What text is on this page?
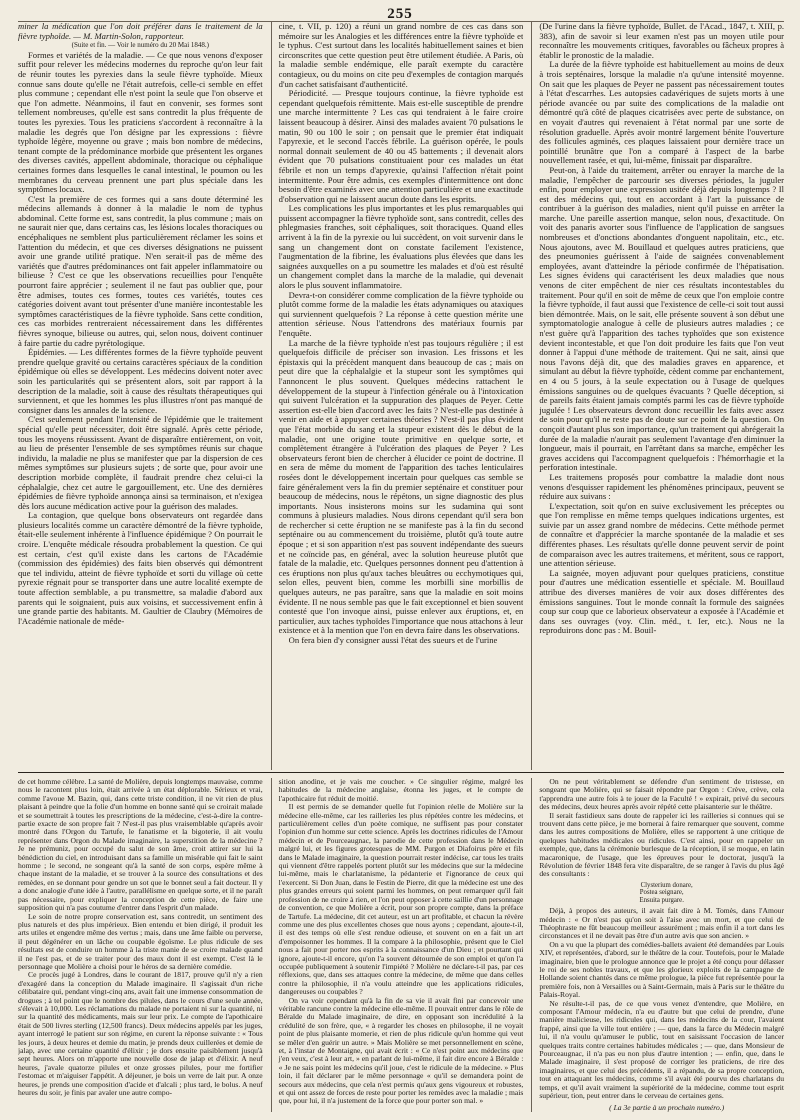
255

miner la médication que l'on doit préférer dans le traitement de la fièvre typhoïde. — M. Martin-Solon, rapporteur.

(Suite et fin. — Voir le numéro du 20 Mai 1848.)

Formes et variétés de la maladie. — Ce que nous venons d'exposer suffit pour relever les médecins modernes du reproche qu'on leur fait de réunir toutes les pyrexies dans la seule fièvre typhoïde. Mieux connue sans doute qu'elle ne l'était autrefois, celle-ci semble en effet plus commune ; cependant elle n'est point la seule que l'on observe et que l'on admette. Néanmoins, il faut en convenir, ses formes sont tellement nombreuses, qu'elle est sans contredit la plus fréquente de toutes les pyrexies. Tous les praticiens s'accordent à reconnaître à la maladie les degrés que l'on désigne par les expressions : fièvre typhoïde légère, moyenne ou grave ; mais bon nombre de médecins, tenant compte de la prédominance morbide que présentent les organes des diverses cavités, appellent abdominale, thoracique ou céphalique certaines formes dans lesquelles le canal intestinal, le poumon ou les membranes du cerveau prennent une part plus spéciale dans les symptômes locaux.

C'est la première de ces formes qui a sans doute déterminé les médecins allemands à donner à la maladie le nom de typhus abdominal. Cette forme est, sans contredit, la plus commune ; mais on ne saurait nier que, dans certains cas, les lésions locales thoraciques ou encéphaliques ne semblent plus particulièrement réclamer les soins et l'attention du médecin, et que ces diverses désignations ne puissent avoir une grande utilité pratique. N'en serait-il pas de même des variétés que d'autres prédominances ont fait appeler inflammatoire ou bilieuse ? C'est ce que les observations recueillies pour l'enquête pourront faire apprécier ; seulement il ne faut pas oublier que, pour être admises, toutes ces formes, toutes ces variétés, toutes ces catégories doivent avant tout présenter d'une manière incontestable les symptômes caractéristiques de la fièvre typhoïde. Sans cette condition, ces cas morbides rentreraient nécessairement dans les différentes fièvres synoque, bilieuse ou autres, qui, selon nous, doivent continuer à faire partie du cadre pyrétologique.

Épidémies. — Les différentes formes de la fièvre typhoïde peuvent prendre quelque gravité ou certains caractères spéciaux de la condition épidémique où elles se développent. Les médecins doivent noter avec soin les particularités qui se présentent alors, soit par rapport à la description de la maladie, soit à cause des résultats thérapeutiques qui surviennent, et que les hommes les plus illustres n'ont pas manqué de consigner dans les annales de la science.

C'est seulement pendant l'intensité de l'épidémie que le traitement spécial qu'elle peut nécessiter, doit être signalé. Après cette période, tous les moyens réussissent. Avant de disparaître entièrement, on voit, au lieu de présenter l'ensemble de ses symptômes réunis sur chaque individu, la maladie ne plus se manifester que par la dispersion de ces mêmes symptômes sur plusieurs sujets ; de sorte que, pour avoir une description morbide complète, il faudrait prendre chez celui-ci la céphalalgie, chez cet autre le gargouillement, etc. Une des dernières épidémies de fièvre typhoïde annonça ainsi sa terminaison, et n'exigea dès lors aucune médication active pour la guérison des malades.

La contagion, que quelque bons observateurs ont regardée dans plusieurs localités comme un caractère démontré de la fièvre typhoïde, était-elle seulement inhérente à l'influence épidémique ? On pourrait le croire. L'enquête médicale résoudra probablement la question. Ce qui est certain, c'est qu'il existe dans les cartons de l'Académie (commission des épidémies) des faits bien observés qui démontrent que tel individu, atteint de fièvre typhoïde et sorti du village où cette pyrexie régnait pour se transporter dans une autre localité exempte de toute affection semblable, a pu transmettre, sa maladie d'abord aux parents qui le soignaient, puis aux voisins, et successivement enfin à une grande partie des habitants. M. Gaultier de Claubry (Mémoires de l'Académie nationale de méde-

cine, t. VII, p. 120) a réuni un grand nombre de ces cas dans son mémoire sur les Analogies et les différences entre la fièvre typhoïde et le typhus. C'est surtout dans les localités habituellement saines et bien circonscrites que cette question peut être utilement étudiée. A Paris, où la maladie semble endémique, elle paraît exempte du caractère contagieux, ou du moins on cite peu d'exemples de contagion marqués d'un cachet satisfaisant d'authenticité.

Périodicité. — Presque toujours continue, la fièvre typhoïde est cependant quelquefois rémittente. Mais est-elle susceptible de prendre une marche intermittente ? Les cas qui tendraient à le faire croire laissent beaucoup à désirer. Ainsi des malades avaient 70 pulsations le matin, 90 ou 100 le soir ; on pensait que le premier état indiquait l'apyrexie, et le second l'accès fébrile. La guérison opérée, le pouls normal donnait seulement de 40 ou 45 battements ; il devenait alors évident que 70 pulsations constituaient pour ces malades un état fébrile et non un temps d'apyrexie, qu'ainsi l'affection n'était point intermittente. Pour être admis, ces exemples d'intermittence ont donc besoin d'être examinés avec une attention particulière et une exactitude d'observation qui ne laissent aucun doute dans les esprits.

Les complications les plus importantes et les plus remarquables qui puissent accompagner la fièvre typhoïde sont, sans contredit, celles des phlegmasies franches, soit céphaliques, soit thoraciques. Quand elles arrivent à la fin de la pyrexie ou lui succèdent, on voit survenir dans le sang un changement dont on constate facilement l'existence, l'augmentation de la fibrine, les évaluations plus élevées que dans les saignées auxquelles on a pu soumettre les malades et d'où est résulté un changement complet dans la marche de la maladie, qui devenait alors le plus souvent inflammatoire.

Devra-t-on considérer comme complication de la fièvre typhoïde ou plutôt comme forme de la maladie les états adynamiques ou ataxiques qui surviennent quelquefois ? La réponse à cette question mérite une attention sérieuse. Nous l'attendrons des matériaux fournis par l'enquête.

La marche de la fièvre typhoïde n'est pas toujours régulière ; il est quelquefois difficile de préciser son invasion. Les frissons et les épistaxis qui la précèdent manquent dans beaucoup de cas ; mais on peut dire que la céphalalgie et la stupeur sont les symptômes qui l'annoncent le plus souvent. Quelques médecins rattachent le développement de la stupeur à l'infection générale ou à l'intoxication qui suivent l'ulcération et la suppuration des plaques de Peyer. Cette assertion est-elle bien d'accord avec les faits ? N'est-elle pas destinée à venir en aide et à appuyer certaines théories ? N'est-il pas plus évident que l'état morbide du sang et la stupeur existent dès le début de la maladie, ont une origine toute primitive en quelque sorte, et complètement étrangère à l'ulcération des plaques de Peyer ? Les observateurs feront bien de chercher à élucider ce point de doctrine. Il en sera de même du moment de l'apparition des taches lenticulaires rosées dont le développement incertain pour quelques cas semble se faire généralement vers la fin du premier septénaire et constituer pour beaucoup de médecins, nous le répétons, un signe diagnostic des plus importants. Nous insisterons moins sur les sudamina qui sont communs à plusieurs maladies. Nous dirons cependant qu'il sera bon de rechercher si cette éruption ne se manifeste pas à la fin du second septénaire ou au commencement du troisième, plutôt qu'à toute autre époque ; et si son apparition n'est pas souvent indépendante des sueurs et ne coïncide pas, en général, avec la solution heureuse plutôt que fatale de la maladie, etc. Quelques personnes donnent peu d'attention à ces éruptions non plus qu'aux taches bleuâtres ou ecchymotiques qui, selon elles, peuvent bien, comme les morbilli sine morbillis de quelques auteurs, ne pas paraître, sans que la maladie en soit moins évidente. Il ne nous semble pas que le fait exceptionnel et bien souvent contesté que l'on invoque ainsi, puisse enlever aux éruptions, et, en particulier, aux taches typhoïdes l'importance que nous attachons à leur existence et à la mention que l'on en devra faire dans les observations.

On fera bien d'y consigner aussi l'état des sueurs et de l'urine

(De l'urine dans la fièvre typhoïde, Bullet. de l'Acad., 1847, t. XIII, p. 383), afin de savoir si leur examen n'est pas un moyen utile pour reconnaître les mouvements critiques, favorables ou fâcheux propres à établir le pronostic de la maladie.

La durée de la fièvre typhoïde est habituellement au moins de deux à trois septénaires, lorsque la maladie n'a qu'une intensité moyenne. On sait que les plaques de Peyer ne passent pas nécessairement toutes à l'état d'escarrhes. Les autopsies cadavériques de sujets morts à une période avancée ou par suite des complications de la maladie ont démontré qu'à côté de plaques cicatrisées avec perte de substance, on en voyait d'autres qui revenaient à l'état normal par une sorte de résolution graduelle. Après avoir montré largement bénite l'ouverture des follicules agminés, ces plaques laissaient pour dernière trace un pointillé brunâtre que l'on a comparé à l'aspect de la barbe nouvellement rasée, et qui, lui-même, finissait par disparaître.

Peut-on, à l'aide du traitement, arrêter ou enrayer la marche de la maladie, l'empêcher de parcourir ses diverses périodes, la juguler enfin, pour employer une expression usitée déjà depuis longtemps ? Il est des médecins qui, tout en accordant à l'art la puissance de contribuer à la guérison des maladies, nient qu'il puisse en arrêter la marche. Une pareille assertion manque, selon nous, d'exactitude. On voit des panaris avorter sous l'influence de l'application de sangsues nombreuses et d'onctions abondantes d'onguent napolitain, etc., etc. Nous ajoutons, avec M. Bouillaud et quelques autres praticiens, que des pneumonies guérissent à l'aide de saignées convenablement employées, avant d'atteindre la période confirmée de l'hépatisation. Les signes évidens qui caractérisent les deux maladies que nous venons de citer empêchent de nier ces résultats incontestables du traitement. Pour qu'il en soit de même de ceux que l'on emploie contre la fièvre typhoïde, il faut aussi que l'existence de celle-ci soit tout aussi bien démontrée. Mais, on le sait, elle présente souvent à son début une symptomatologie analogue à celle de plusieurs autres maladies ; ce n'est guère qu'à l'apparition des taches typhoïdes que son existence devient incontestable, et que l'on doit produire les faits que l'on veut donner à l'appui d'une méthode de traitement. Qui ne sait, ainsi que nous l'avons déjà dit, que des maladies graves en apparence, et simulant au début la fièvre typhoïde, cèdent comme par enchantement, en 4 ou 5 jours, à la seule expectation ou à l'usage de quelques émissions sanguines ou de quelques évacuants ? Quelle déception, si de pareils faits étaient jamais comptés parmi les cas de fièvre typhoïde jugulée ! Les observateurs devront donc recueillir les faits avec assez de soin pour qu'il ne reste pas de doute sur ce point de la question. On conçoit d'autant plus son importance, qu'un traitement qui abrégerait la durée de la maladie n'aurait pas seulement l'avantage d'en diminuer la longueur, mais il pourrait, en l'arrêtant dans sa marche, empêcher les graves accidens qui l'accompagnent quelquefois : l'hémorrhagie et la perforation intestinale.

Les traitemens proposés pour combattre la maladie dont nous venons d'esquisser rapidement les phénomènes principaux, peuvent se réduire aux suivans :

L'expectation, soit qu'on en suive exclusivement les préceptes ou que l'on remplisse en même temps quelques indications urgentes, est suivie par un assez grand nombre de médecins. Cette méthode permet de connaître et d'apprécier la marche spontanée de la maladie et ses différentes phases. Les résultats qu'elle donne peuvent servir de point de comparaison avec les autres traitemens, et méritent, sous ce rapport, une attention sérieuse.

La saignée, moyen adjuvant pour quelques praticiens, constitue pour d'autres une médication essentielle et spéciale. M. Bouillaud attribue des diverses manières de voir aux doses différentes des émissions sanguines. Tout le monde connaît la formule des saignées coup sur coup que ce laborieux observateur a exposée à l'Académie et dans ses ouvrages (voy. Clin. méd., t. Ier, etc.). Nous ne la reproduirons donc pas : M. Bouil-

de cet homme célèbre. La santé de Molière, depuis longtemps mauvaise, comme nous le racontent plus loin, était arrivée à un état déplorable. Sérieux et vrai, comme l'avoue M. Bazin, qui, dans cette triste condition, il ne vit rien de plus plaisant à peindre que la folie d'un homme en bonne santé qui se croirait malade et se soumettrait à toutes les prescriptions de la médecine, c'est-à-dire la contre-partie exacte de son propre fait ? N'est-il pas plus vraisemblable qu'après avoir montré dans l'Orgon du Tartufe, le fanatisme et la bigoterie, il ait voulu représenter dans Orgon du Malade imaginaire, la superstition de la médecine ? Je ne prémuniz, pour occupé du salut de son âme, croit attirer sur lui la bénédiction du ciel, en introduisant dans sa famille un misérable qui fait le saint homme ; le second, ne songeant qu'à la santé de son corps, espère même à chaque instant de la maladie, et se trouver à la source des consultations et des remèdes, en se donnant pour gendre un sot que le bonnet seul a fait docteur. Il y a donc analogie d'une idée à l'autre, parallélisme en quelque sorte, et il ne paraît pas nécessaire, pour expliquer la conception de cette pièce, de faire une supposition qui n'a pas coutume d'entrer dans l'esprit d'un malade.

Le soin de notre propre conservation est, sans contredit, un sentiment des plus naturels et des plus impérieux. Bien entendu et bien dirigé, il produit les arts utiles et engendre même des vertus ; mais, dans une âme faible ou perverse, il peut dégénérer en un lâche ou coupable égoïsme. Le plus ridicule de ses résultats est de conduire un homme à la triste manie de se croire malade quand il ne l'est pas, et de se traiter pour des maux dont il est exempt. C'est là le personnage que Molière a choisi pour le héros de sa dernière comédie.

Ce procès jugé à Londres, dans le courant de 1817, prouve qu'il n'y a rien d'exagéré dans la conception du Malade imaginaire. Il s'agissait d'un riche célibataire qui, pendant vingt-cinq ans, avait fait une immense consommation de drogues ; à tel point que le nombre des pilules, dans le cours d'une seule année, s'élevait à 10,000. Les réclamations du malade ne portaient ni sur la quantité, ni sur la quantité des médicaments, mais sur leur prix. Le compte de l'apothicaire était de 500 livres sterling (12,500 francs). Deux médecins appelés par les juges, ayant interrogé le patient sur son régime, en curent la réponse suivante : « Tous les jours, à deux heures et demie du matin, je prends deux cuillerées et demie de jalap, avec une certaine quantité d'élixir ; je dors ensuite paisiblement jusqu'à sept heures. Alors on m'apporte une nouvelle dose de jalap et d'élixir. A neuf heures, j'avale quatorze pilules et onze grosses pilules, pour me fortifier l'estomac et m'aiguiser l'appétit. A déjeuner, je bois un verre de lait pur. A onze heures, je prends une composition d'acide et d'alcali ; plus tard, le bolus. A neuf heures du soir, je finis par avaler une autre compo-

sition anodine, et je vais me coucher. » Ce singulier régime, malgré les habitudes de la médecine anglaise, étonna les juges, et le compte de l'apothicaire fut réduit de moitié.

Il est permis de se demander quelle fut l'opinion réelle de Molière sur la médecine elle-même, car les railleries les plus répétées contre les médecins, et particulièrement celles d'un poète comique, ne suffisent pas pour constater l'opinion d'un homme sur cette science. Après les doctrines ridicules de l'Amour médecin et de Pourceaugnac, la parodie de cette profession dans le Médecin malgré lui, et les figures grotesques de MM. Purgon et Diafoirus père et fils dans le Malade imaginaire, la question pourrait rester indécise, car tous les traits qui viennent d'être rappelés portent plutôt sur les médecins que sur la médecine lui-même, mais le charlatanisme, la pédanterie et l'ignorance de ceux qui l'exercent. Si Don Juan, dans le Festin de Pierre, dit que la médecine est une des plus grandes erreurs qui soient parmi les hommes, on peut remarquer qu'il fait profession de ne croire à rien, et l'on peut opposer à cette saillie d'un personnage de convention, ce que Molière a écrit, pour son propre compte, dans la préface de Tartufe. La médecine, dit cet auteur, est un art profitable, et chacun la révère comme une des plus excellentes choses que nous ayons ; cependant, ajoute-t-il, il est des temps où elle s'est rendue odieuse, et souvent on en a fait un art d'empoisonner les hommes. Il la compare à la philosophie, présent que le Ciel nous a fait pour porter nos esprits à la connaissance d'un Dieu ; et pourtant qui ignore, ajoute-t-il encore, qu'on l'a souvent détournée de son emploi et qu'on l'a occupée publiquement à soutenir l'impiété ? Molière ne déclare-t-il pas, par ces réflexions, que, dans ses attaques contre la médecine, de même que dans celles contre la philosophie, il n'a voulu atteindre que les applications ridicules, dangereuses ou coupables ?

On va voir cependant qu'à la fin de sa vie il avait fini par concevoir une véritable rancune contre la médecine elle-même. Il pouvait entrer dans le rôle de Béralde du Malade imaginaire, de dire, en opposant son incrédulité à la crédulité de son frère, que, « à regarder les choses en philosophe, il ne voyait point de plus plaisante momerie, et rien de plus ridicule qu'un homme qui veut se mêler d'en guérir un autre. » Mais Molière se met personnellement en scène, et, à l'instar de Montaigne, qui avait écrit : « Ce n'est point aux médecins que j'en veux, c'est à leur art, » en parlant de lui-même, il fait dire encore à Béralde : « Je ne sais point les médecins qu'il joue, c'est le ridicule de la médecine. » Plus loin, il fait déclarer par le même personnage « qu'il se demandera point de secours aux médecins, que cela n'est permis qu'aux gens vigoureux et robustes, et qui ont assez de forces de reste pour porter les remèdes avec la maladie ; mais que, pour lui, il n'a justement de la force que pour porter son mal. »

On ne peut véritablement se défendre d'un sentiment de tristesse, en songeant que Molière, qui se faisait répondre par Orgon : Crève, crève, cela t'apprendra une autre fois à te jouer de la Faculté ! » expirait, privé du secours des médecins, deux heures après avoir répété cette plaisanterie sur le théâtre.

Il serait fastidieux sans doute de rappeler ici les railleries si connues qui se trouvent dans cette pièce, je me bornerai à faire remarquer que souvent, comme dans les autres compositions de Molière, elles se rapportent à une critique de quelques habitudes médicales ou ridicules. C'est ainsi, pour en rappeler un exemple, que, dans la cérémonie burlesque de la réception, il se moque, en latin macaronique, de l'usage, que les épreuves pour le doctorat, jusqu'à la Révolution de février 1848 fera vite disparaître, de se ranger à l'avis du plus âgé des consultants :

Clysterium donare,
Postea seignare,
Ensuita purgare.

Déjà, à propos des auteurs, il avait fait dire à M. Tomès, dans l'Amour médecin : « Or n'est pas qu'on soit à l'aise avec un mort, et que celui de Théophraste ne fût beaucoup meilleur assurément ; mais enfin il a tort dans les circonstances et il ne devait pas être d'un autre avis que son ancien. »

On a vu que la plupart des comédies-ballets avaient été demandées par Louis XIV, et représentées, d'abord, sur le théâtre de la cour. Toutefois, pour le Malade imaginaire, bien que le prologue annonce que le projet a été conçu pour délasser le roi de ses nobles travaux, et que les glorieux exploits de la campagne de Hollande soient chantés dans ce même prologue, la pièce fut représentée pour la première fois, non à Versailles ou à Saint-Germain, mais à Paris sur le théâtre du Palais-Royal.

Ne résulte-t-il pas, de ce que vous venez d'entendre, que Molière, en composant l'Amour médecin, n'a eu d'autre but que celui de prendre, d'une manière malicieuse, les ridicules qui, dans les médecins de la cour, l'avaient frappé, ainsi que la ville tout entière ; — que, dans la farce du Médecin malgré lui, il n'a voulu qu'amuser le public, tout en saisissant l'occasion de lancer quelques traits contre certaines habitudes médicales ; — que, dans Monsieur de Pourceaugnac, il n'a pas eu non plus d'autre intention ; — enfin, que, dans le Malade imaginaire, il s'est proposé de corriger les praticiens, de rire des imaginaires, et que celui des précédents, il a répandu, de sa propre conception, tout en attaquant les médecins, comme s'il avait été pourvu des charlatans du temps, et qu'il avait vraiment la supériorité de la médecine, comme tout esprit supérieur, tion, peut entrer dans le cerveau de certaines gens.

( La 3e partie à un prochain numéro.)
